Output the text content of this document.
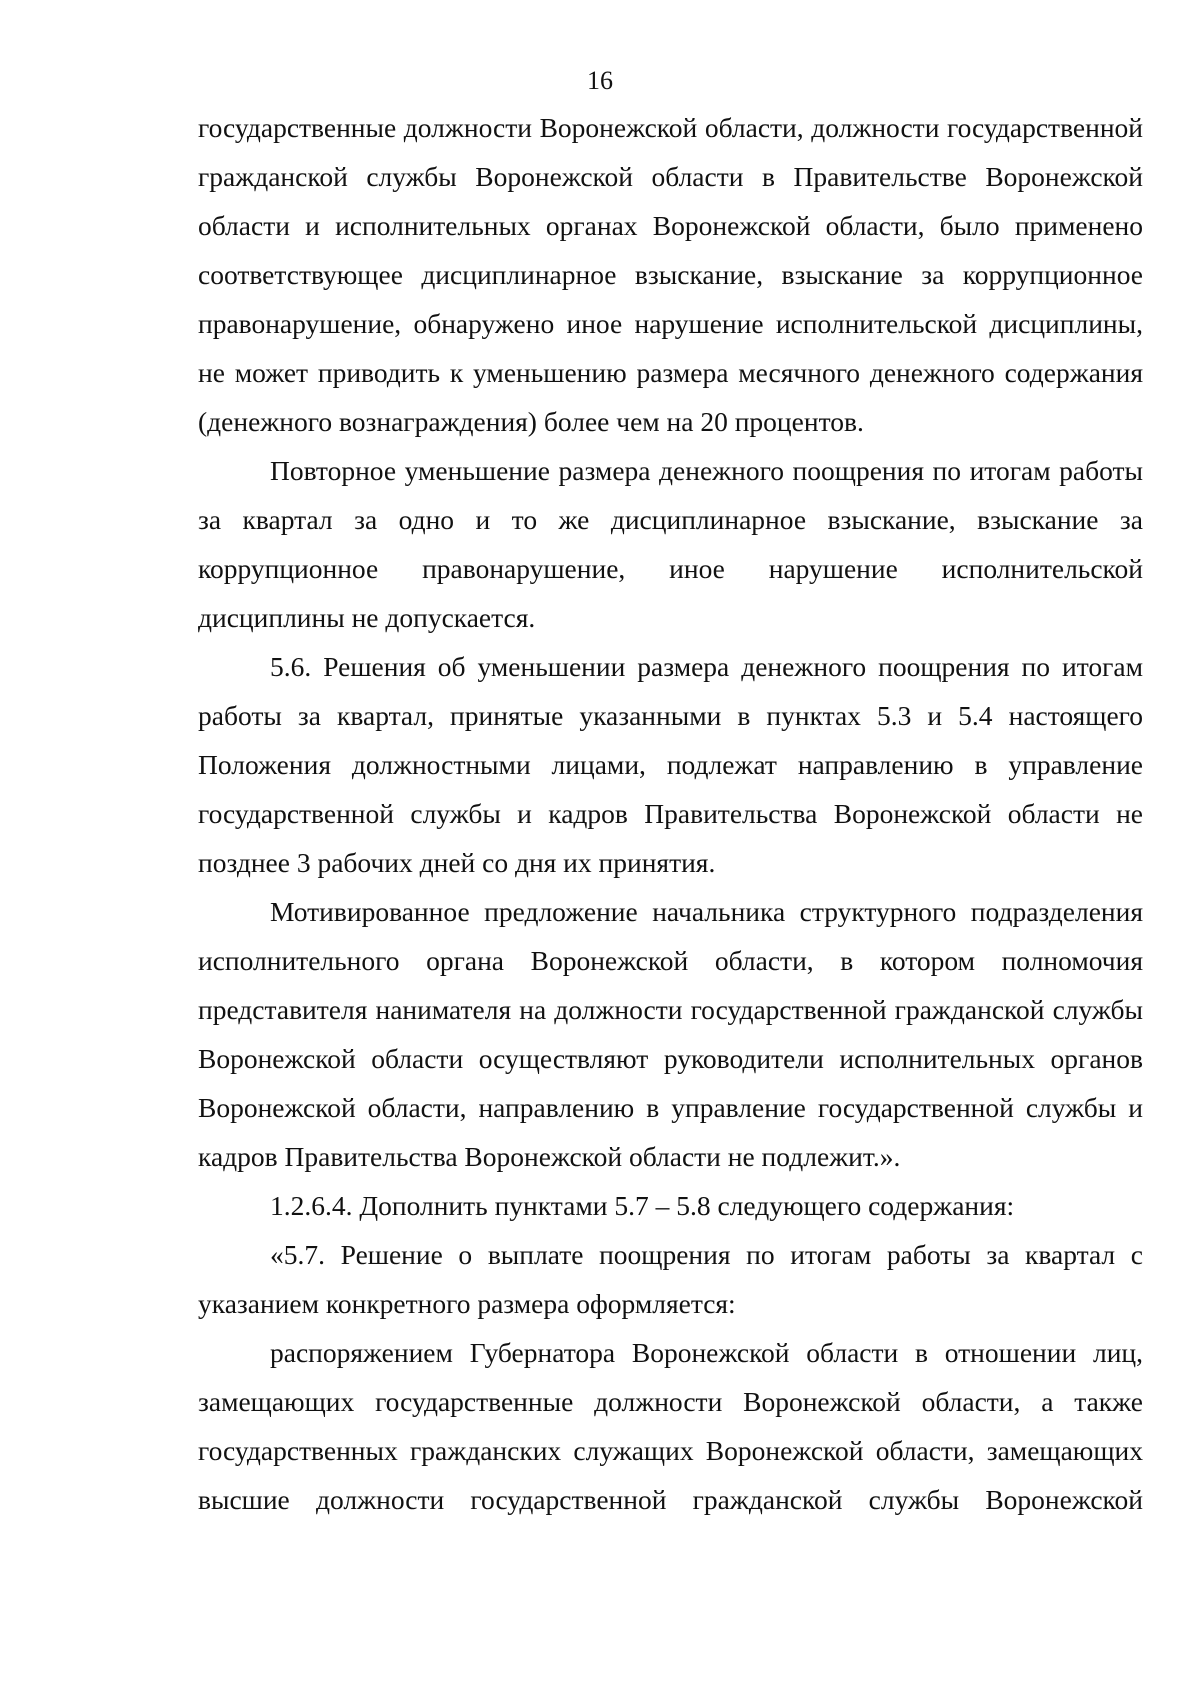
16

государственные должности Воронежской области, должности государственной гражданской службы Воронежской области в Правительстве Воронежской области и исполнительных органах Воронежской области, было применено соответствующее дисциплинарное взыскание, взыскание за коррупционное правонарушение, обнаружено иное нарушение исполнительской дисциплины, не может приводить к уменьшению размера месячного денежного содержания (денежного вознаграждения) более чем на 20 процентов.

Повторное уменьшение размера денежного поощрения по итогам работы за квартал за одно и то же дисциплинарное взыскание, взыскание за коррупционное правонарушение, иное нарушение исполнительской дисциплины не допускается.

5.6. Решения об уменьшении размера денежного поощрения по итогам работы за квартал, принятые указанными в пунктах 5.3 и 5.4 настоящего Положения должностными лицами, подлежат направлению в управление государственной службы и кадров Правительства Воронежской области не позднее 3 рабочих дней со дня их принятия.

Мотивированное предложение начальника структурного подразделения исполнительного органа Воронежской области, в котором полномочия представителя нанимателя на должности государственной гражданской службы Воронежской области осуществляют руководители исполнительных органов Воронежской области, направлению в управление государственной службы и кадров Правительства Воронежской области не подлежит.».

1.2.6.4. Дополнить пунктами 5.7 – 5.8 следующего содержания:

«5.7. Решение о выплате поощрения по итогам работы за квартал с указанием конкретного размера оформляется:

распоряжением Губернатора Воронежской области в отношении лиц, замещающих государственные должности Воронежской области, а также государственных гражданских служащих Воронежской области, замещающих высшие должности государственной гражданской службы Воронежской
